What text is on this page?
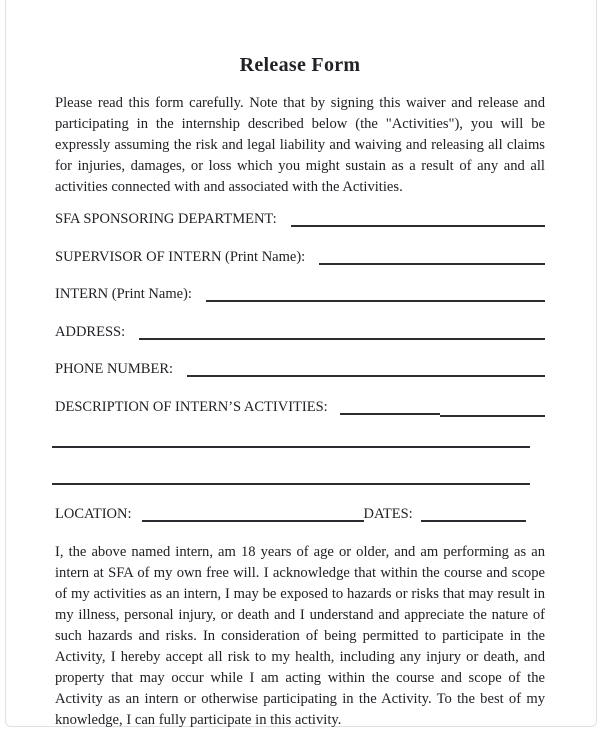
Release Form

Please read this form carefully. Note that by signing this waiver and release and participating in the internship described below (the "Activities"), you will be expressly assuming the risk and legal liability and waiving and releasing all claims for injuries, damages, or loss which you might sustain as a result of any and all activities connected with and associated with the Activities.

SFA SPONSORING DEPARTMENT:
SUPERVISOR OF INTERN (Print Name):
INTERN (Print Name):
ADDRESS:
PHONE NUMBER:
DESCRIPTION OF INTERN’S ACTIVITIES:
LOCATION:	DATES:

I, the above named intern, am 18 years of age or older, and am performing as an intern at SFA of my own free will. I acknowledge that within the course and scope of my activities as an intern, I may be exposed to hazards or risks that may result in my illness, personal injury, or death and I understand and appreciate the nature of such hazards and risks. In consideration of being permitted to participate in the Activity, I hereby accept all risk to my health, including any injury or death, and property that may occur while I am acting within the course and scope of the Activity as an intern or otherwise participating in the Activity. To the best of my knowledge, I can fully participate in this activity.
